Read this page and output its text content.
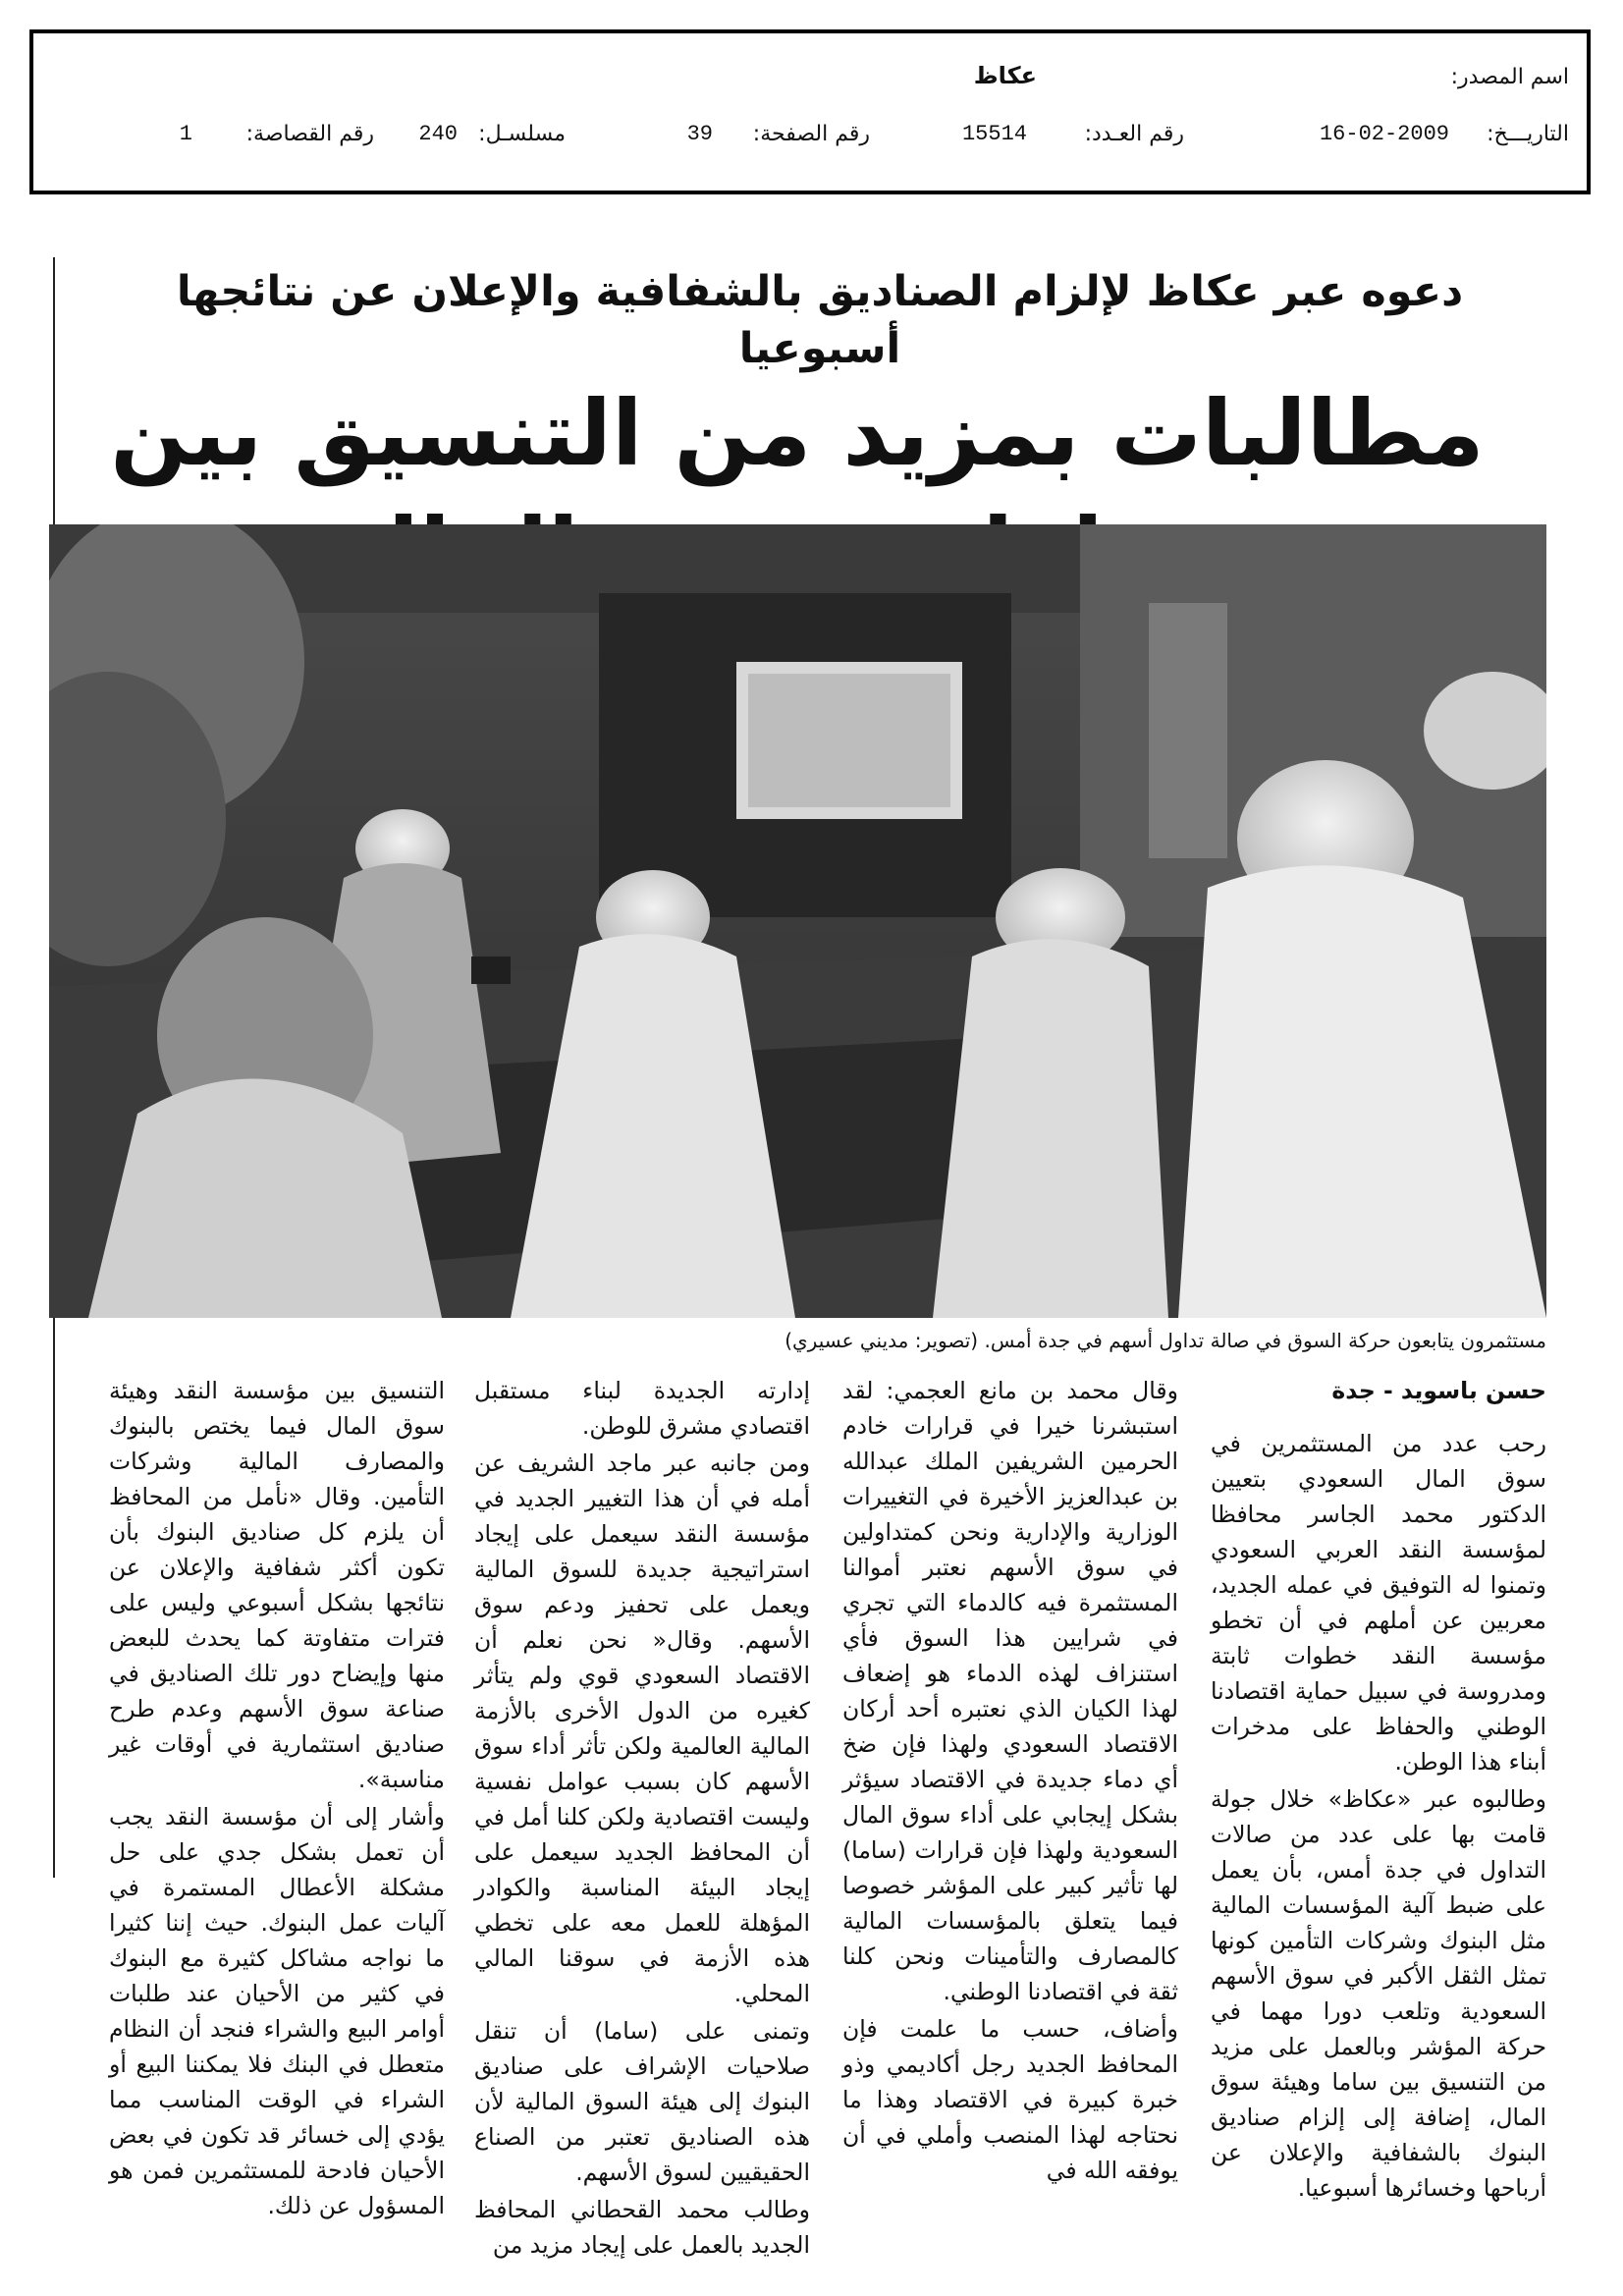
اسم المصدر:
عكاظ
التاريـــخ:
16-02-2009
رقم العـدد:
15514
رقم الصفحة:
39
مسلسـل:
240
رقم القصاصة:
1
دعوه عبر عكاظ لإلزام الصناديق بالشفافية والإعلان عن نتائجها أسبوعيا
مطالبات بمزيد من التنسيق بين
مستثمرون يتابعون حركة السوق في صالة تداول أسهم في جدة أمس. (تصوير: مديني عسيري)

حسن باسويد - جدة

رحب عدد من المستثمرين في سوق المال السعودي بتعيين الدكتور محمد الجاسر محافظا لمؤسسة النقد العربي السعودي وتمنوا له التوفيق في عمله الجديد، معربين عن أملهم في أن تخطو مؤسسة النقد خطوات ثابتة ومدروسة في سبيل حماية اقتصادنا الوطني والحفاظ على مدخرات أبناء هذا الوطن.

وطالبوه عبر «عكاظ» خلال جولة قامت بها على عدد من صالات التداول في جدة أمس، بأن يعمل على ضبط آلية المؤسسات المالية مثل البنوك وشركات التأمين كونها تمثل الثقل الأكبر في سوق الأسهم السعودية وتلعب دورا مهما في حركة المؤشر وبالعمل على مزيد من التنسيق بين ساما وهيئة سوق المال، إضافة إلى إلزام صناديق البنوك بالشفافية والإعلان عن أرباحها وخسائرها أسبوعيا.

وقال محمد بن مانع العجمي: لقد استبشرنا خيرا في قرارات خادم الحرمين الشريفين الملك عبدالله بن عبدالعزيز الأخيرة في التغييرات الوزارية والإدارية ونحن كمتداولين في سوق الأسهم نعتبر أموالنا المستثمرة فيه كالدماء التي تجري في شرايين هذا السوق فأي استنزاف لهذه الدماء هو إضعاف لهذا الكيان الذي نعتبره أحد أركان الاقتصاد السعودي ولهذا فإن ضخ أي دماء جديدة في الاقتصاد سيؤثر بشكل إيجابي على أداء سوق المال السعودية ولهذا فإن قرارات (ساما) لها تأثير كبير على المؤشر خصوصا فيما يتعلق بالمؤسسات المالية كالمصارف والتأمينات ونحن كلنا ثقة في اقتصادنا الوطني.

وأضاف، حسب ما علمت فإن المحافظ الجديد رجل أكاديمي وذو خبرة كبيرة في الاقتصاد وهذا ما نحتاجه لهذا المنصب وأملي في أن يوفقه الله في

إدارته الجديدة لبناء مستقبل اقتصادي مشرق للوطن.

ومن جانبه عبر ماجد الشريف عن أمله في أن هذا التغيير الجديد في مؤسسة النقد سيعمل على إيجاد استراتيجية جديدة للسوق المالية ويعمل على تحفيز ودعم سوق الأسهم. وقال« نحن نعلم أن الاقتصاد السعودي قوي ولم يتأثر كغيره من الدول الأخرى بالأزمة المالية العالمية ولكن تأثر أداء سوق الأسهم كان بسبب عوامل نفسية وليست اقتصادية ولكن كلنا أمل في أن المحافظ الجديد سيعمل على إيجاد البيئة المناسبة والكوادر المؤهلة للعمل معه على تخطي هذه الأزمة في سوقنا المالي المحلي.

وتمنى على (ساما) أن تنقل صلاحيات الإشراف على صناديق البنوك إلى هيئة السوق المالية لأن هذه الصناديق تعتبر من الصناع الحقيقيين لسوق الأسهم.

وطالب محمد القحطاني المحافظ الجديد بالعمل على إيجاد مزيد من

التنسيق بين مؤسسة النقد وهيئة سوق المال فيما يختص بالبنوك والمصارف المالية وشركات التأمين. وقال «نأمل من المحافظ أن يلزم كل صناديق البنوك بأن تكون أكثر شفافية والإعلان عن نتائجها بشكل أسبوعي وليس على فترات متفاوتة كما يحدث للبعض منها وإيضاح دور تلك الصناديق في صناعة سوق الأسهم وعدم طرح صناديق استثمارية في أوقات غير مناسبة».

وأشار إلى أن مؤسسة النقد يجب أن تعمل بشكل جدي على حل مشكلة الأعطال المستمرة في آليات عمل البنوك. حيث إننا كثيرا ما نواجه مشاكل كثيرة مع البنوك في كثير من الأحيان عند طلبات أوامر البيع والشراء فنجد أن النظام متعطل في البنك فلا يمكننا البيع أو الشراء في الوقت المناسب مما يؤدي إلى خسائر قد تكون في بعض الأحيان فادحة للمستثمرين فمن هو المسؤول عن ذلك.
